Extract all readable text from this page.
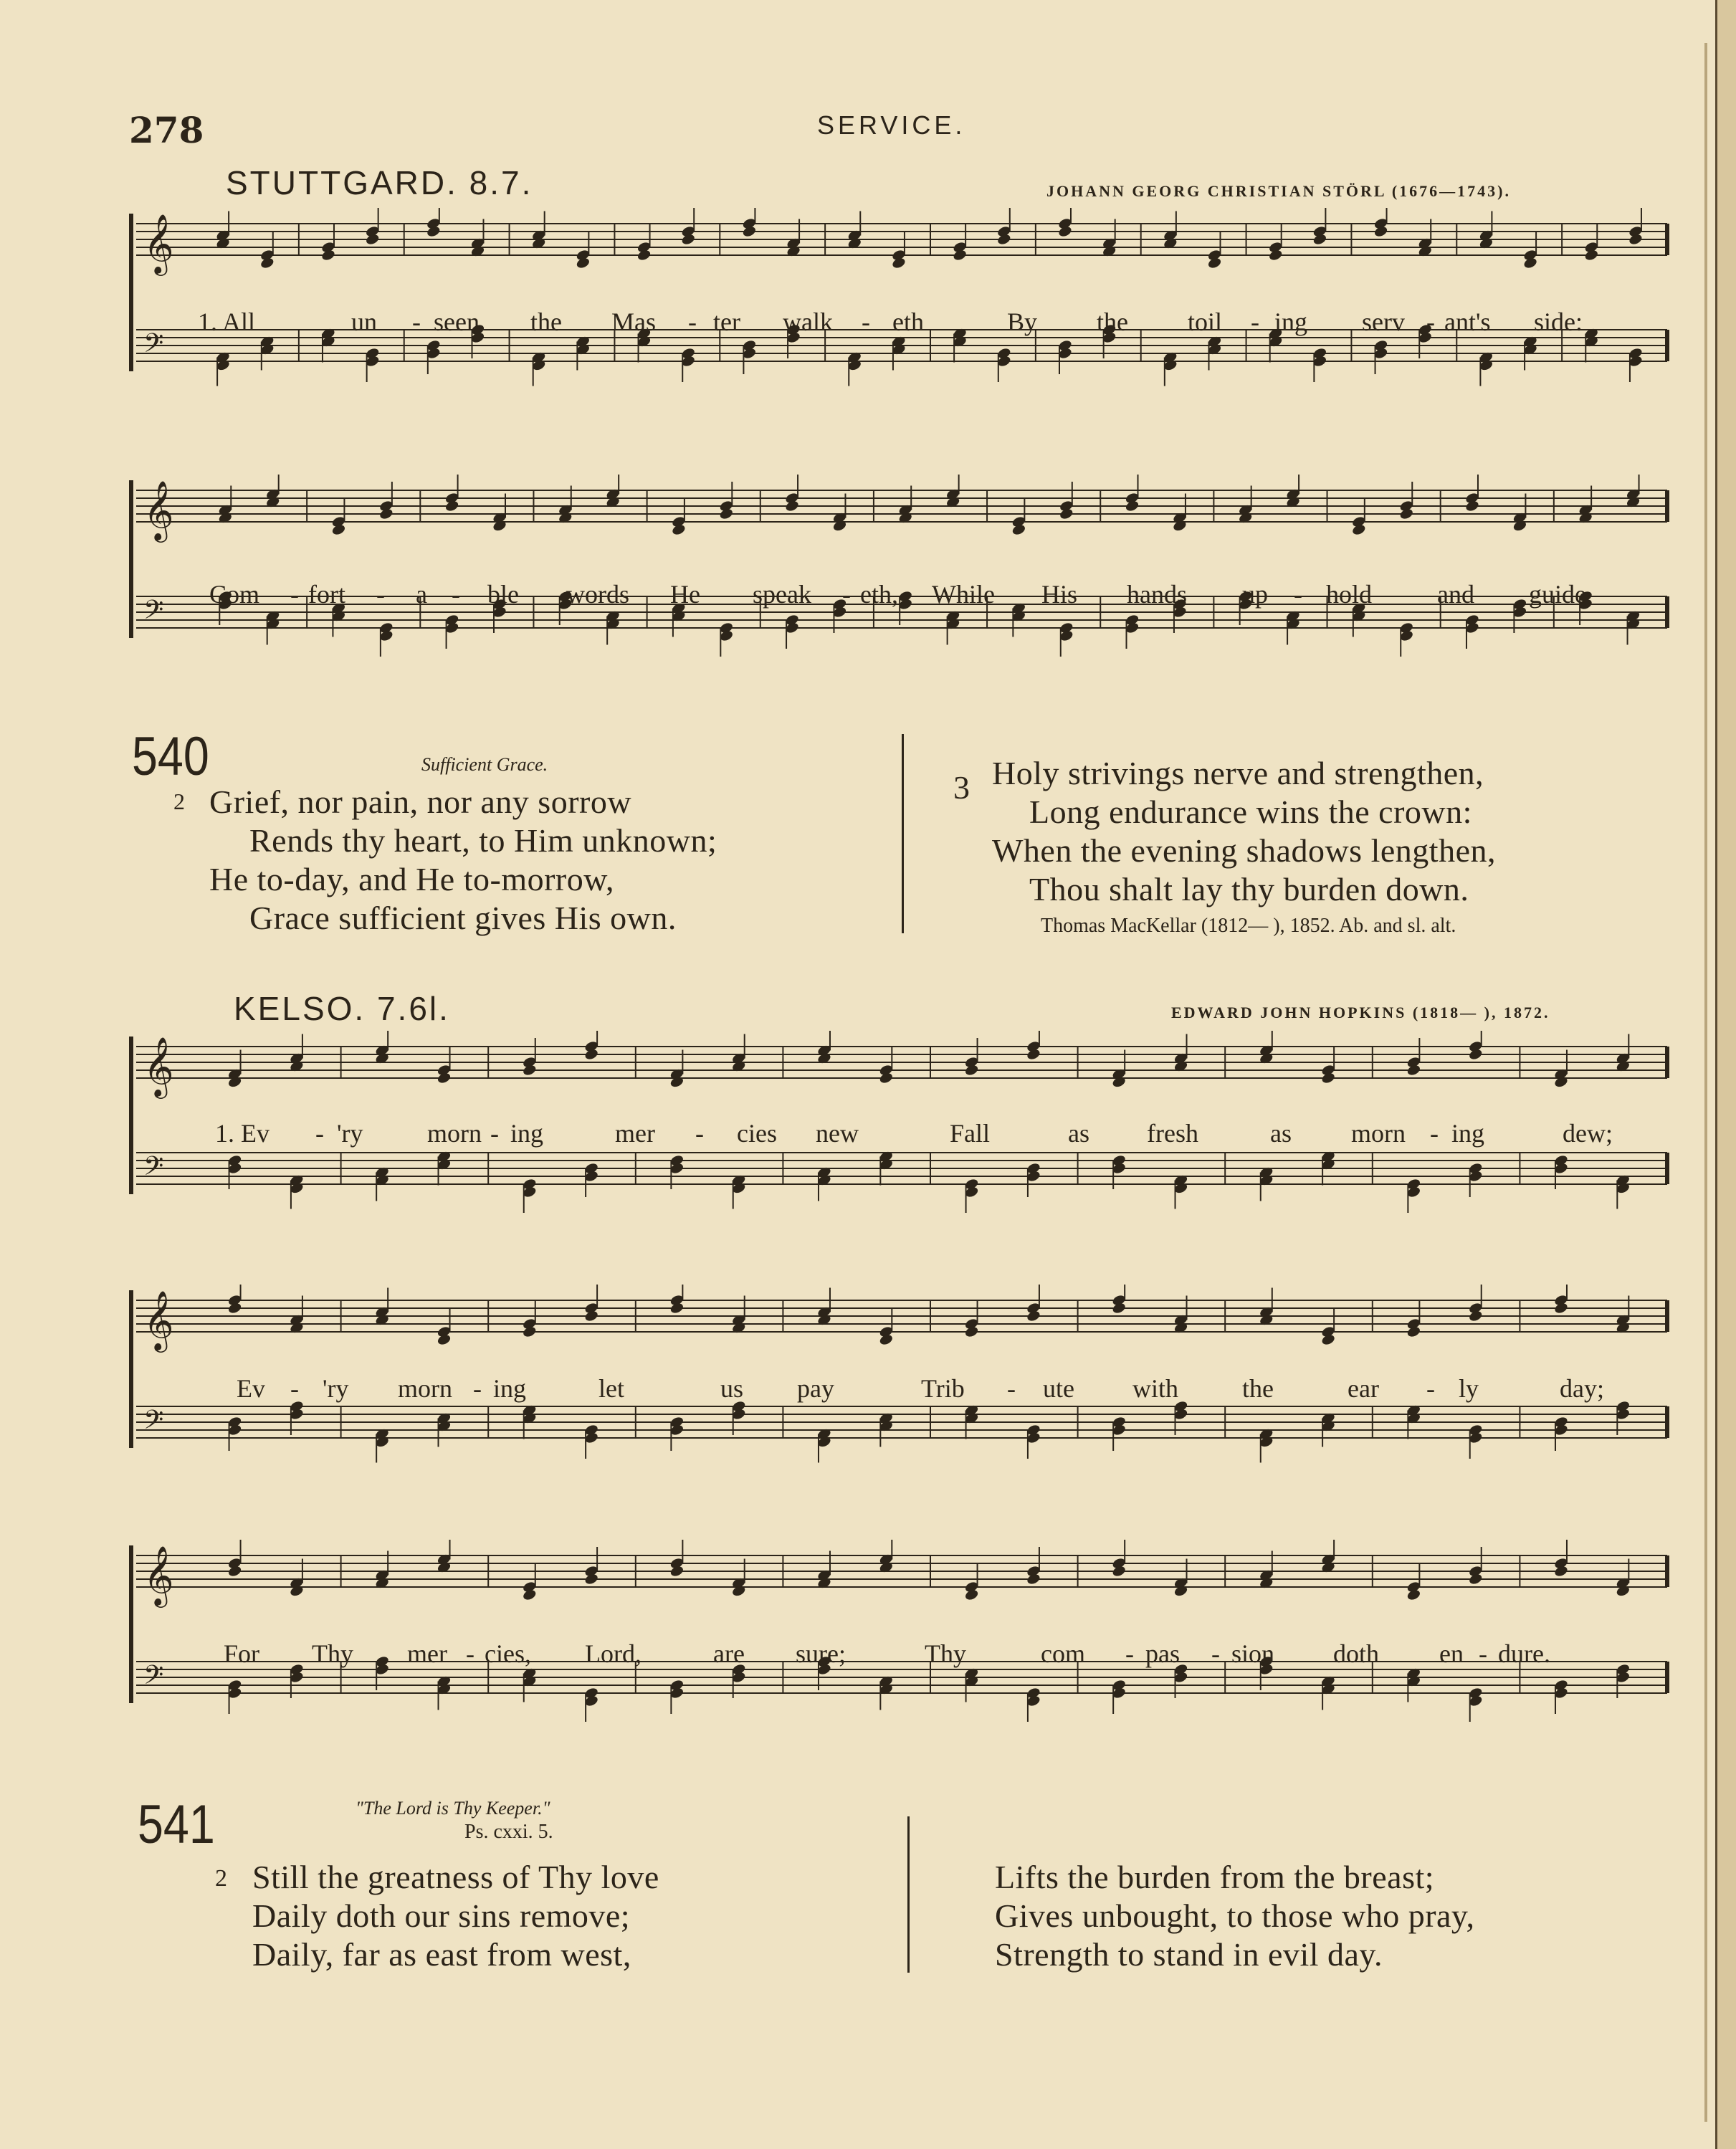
278	SERVICE.
STUTTGARD. 8.7.	JOHANN GEORG CHRISTIAN STÖRL (1676—1743).
𝄞
𝄢
1. All	un - seen the Mas - ter walk - eth	By the toil - ing serv - ant's side:
𝄞
𝄢
Com - fort - a - ble words He speak - eth, While His hands up - hold	and guide.
540	Sufficient Grace.
2 Grief, nor pain, nor any sorrow
Rends thy heart, to Him unknown;
He to-day, and He to-morrow,
Grace sufficient gives His own.
3 Holy strivings nerve and strengthen,
Long endurance wins the crown:
When the evening shadows lengthen,
Thou shalt lay thy burden down.
Thomas MacKellar (1812— ), 1852. Ab. and sl. alt.
KELSO. 7.6l.	EDWARD JOHN HOPKINS (1818— ), 1872.
𝄞
𝄢
1. Ev - 'ry morn - ing	mer - cies new	Fall	as fresh	as morn - ing	dew;
𝄞
𝄢
Ev - 'ry morn - ing	let	us pay	Trib - ute with the	ear - ly	day;
𝄞
𝄢
For Thy mer - cies, Lord,	are sure;	Thy	com - pas - sion doth en - dure.
541	"The Lord is Thy Keeper."
Ps. cxxi. 5.
2 Still the greatness of Thy love
Daily doth our sins remove;
Daily, far as east from west,
Lifts the burden from the breast;
Gives unbought, to those who pray,
Strength to stand in evil day.
